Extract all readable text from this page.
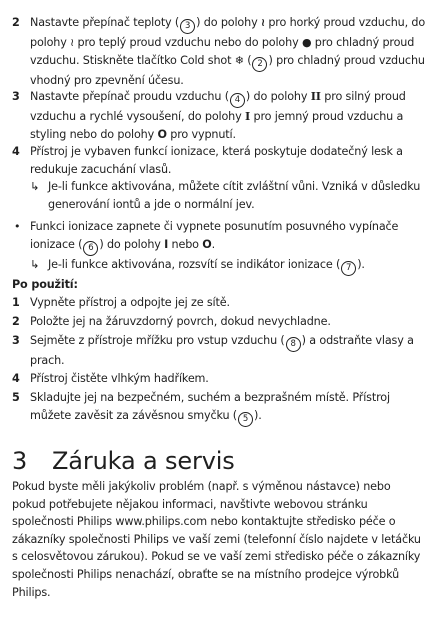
2 Nastavte přepínač teploty ( 3 ) do polohy ≀ pro horký proud vzduchu, do polohy ≀ pro teplý proud vzduchu nebo do polohy ● pro chladný proud vzduchu. Stiskněte tlačítko Cold shot ❄ ( 2 ) pro chladný proud vzduchu vhodný pro zpevnění účesu.
3 Nastavte přepínač proudu vzduchu ( 4 ) do polohy II pro silný proud vzduchu a rychlé vysoušení, do polohy I pro jemný proud vzduchu a styling nebo do polohy O pro vypnutí.
4 Přístroj je vybaven funkcí ionizace, která poskytuje dodatečný lesk a redukuje zacuchání vlasů.
↳ Je-li funkce aktivována, můžete cítit zvláštní vůni. Vzniká v důsledku generování iontů a jde o normální jev.
• Funkci ionizace zapnete či vypnete posunutím posuvného vypínače ionizace ( 6 ) do polohy I nebo O.
↳ Je-li funkce aktivována, rozsvítí se indikátor ionizace ( 7 ).
Po použití:
1 Vypněte přístroj a odpojte jej ze sítě.
2 Položte jej na žáruvzdorný povrch, dokud nevychladne.
3 Sejměte z přístroje mřížku pro vstup vzduchu ( 8 ) a odstraňte vlasy a prach.
4 Přístroj čistěte vlhkým hadříkem.
5 Skladujte jej na bezpečném, suchém a bezprašném místě. Přístroj můžete zavěsit za závěsnou smyčku ( 5 ).
3 Záruka a servis
Pokud byste měli jakýkoliv problém (např. s výměnou nástavce) nebo pokud potřebujete nějakou informaci, navštivte webovou stránku společnosti Philips www.philips.com nebo kontaktujte středisko péče o zákazníky společnosti Philips ve vaší zemi (telefonní číslo najdete v letáčku s celosvětovou zárukou). Pokud se ve vaší zemi středisko péče o zákazníky společnosti Philips nenachází, obraťte se na místního prodejce výrobků Philips.
